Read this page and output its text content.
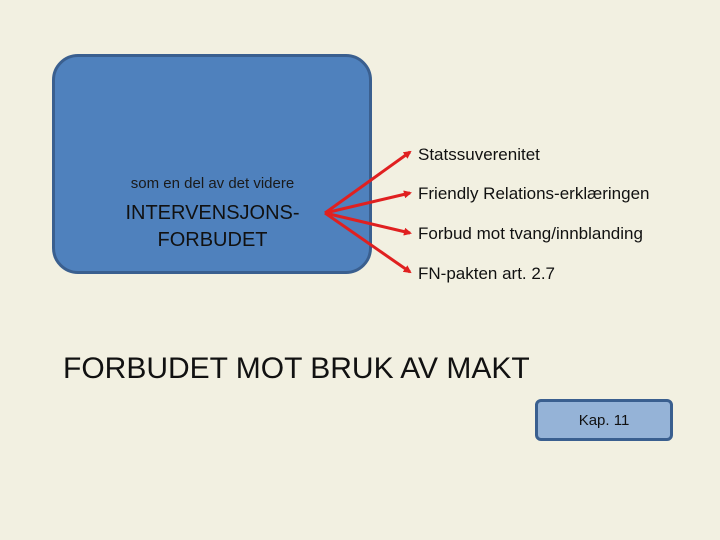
som en del av det videre
INTERVENSJONS-
FORBUDET
Statssuverenitet
Friendly Relations-erklæringen
Forbud mot tvang/innblanding
FN-pakten art. 2.7
FORBUDET MOT BRUK AV MAKT
Kap. 11
